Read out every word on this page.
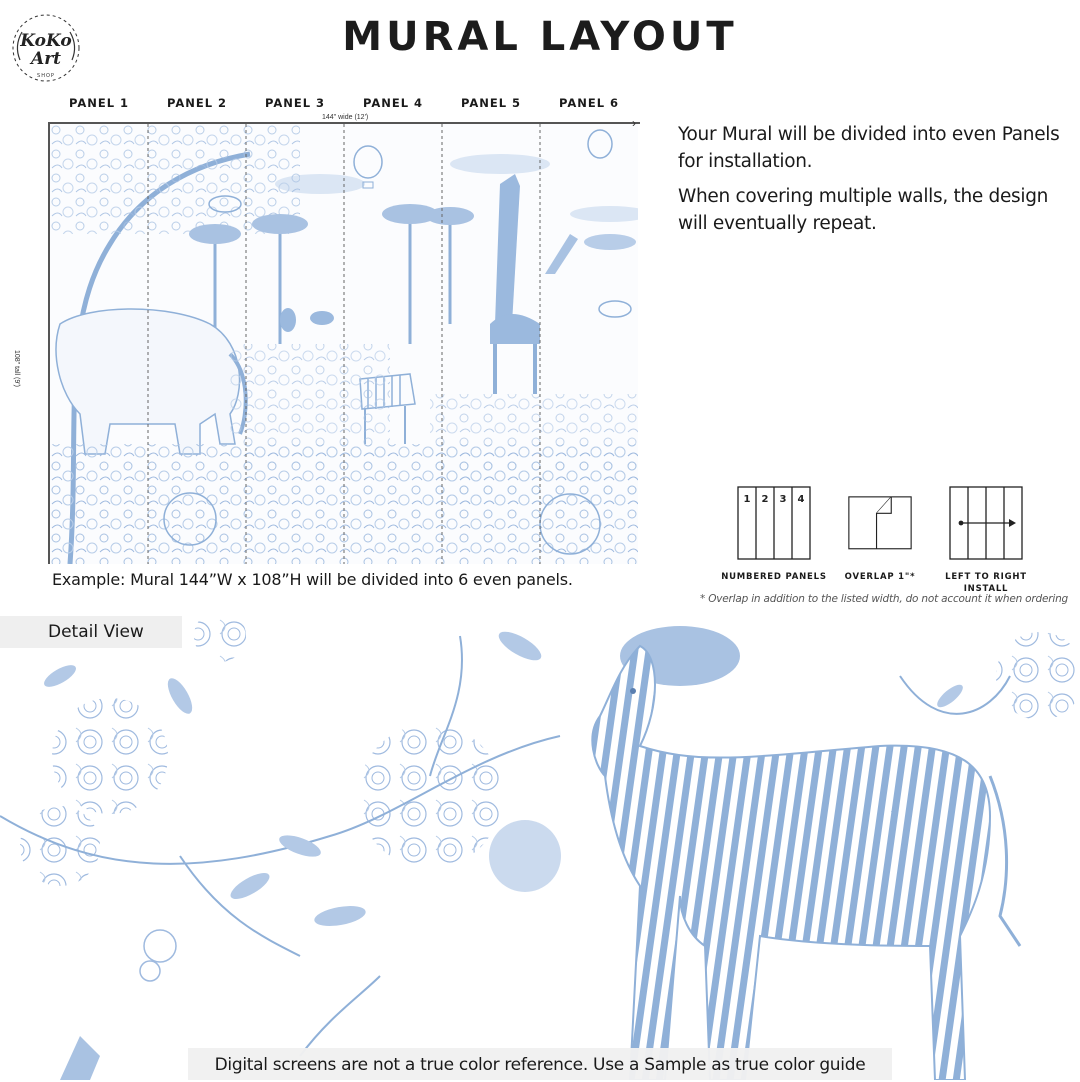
KoKo
Art
SHOP
MURAL LAYOUT
PANEL 1	PANEL 2	PANEL 3	PANEL 4	PANEL 5	PANEL 6
›
144" wide (12')
108" tall (9')
Example: Mural 144”W x 108”H will be divided into 6 even panels.

Your Mural will be divided into even Panels for installation.

When covering multiple walls, the design will eventually repeat.

1 2 3 4
NUMBERED PANELS	OVERLAP 1"*	LEFT TO RIGHT INSTALL
* Overlap in addition to the listed width, do not account it when ordering
Detail View
Digital screens are not a true color reference. Use a Sample as true color guide
